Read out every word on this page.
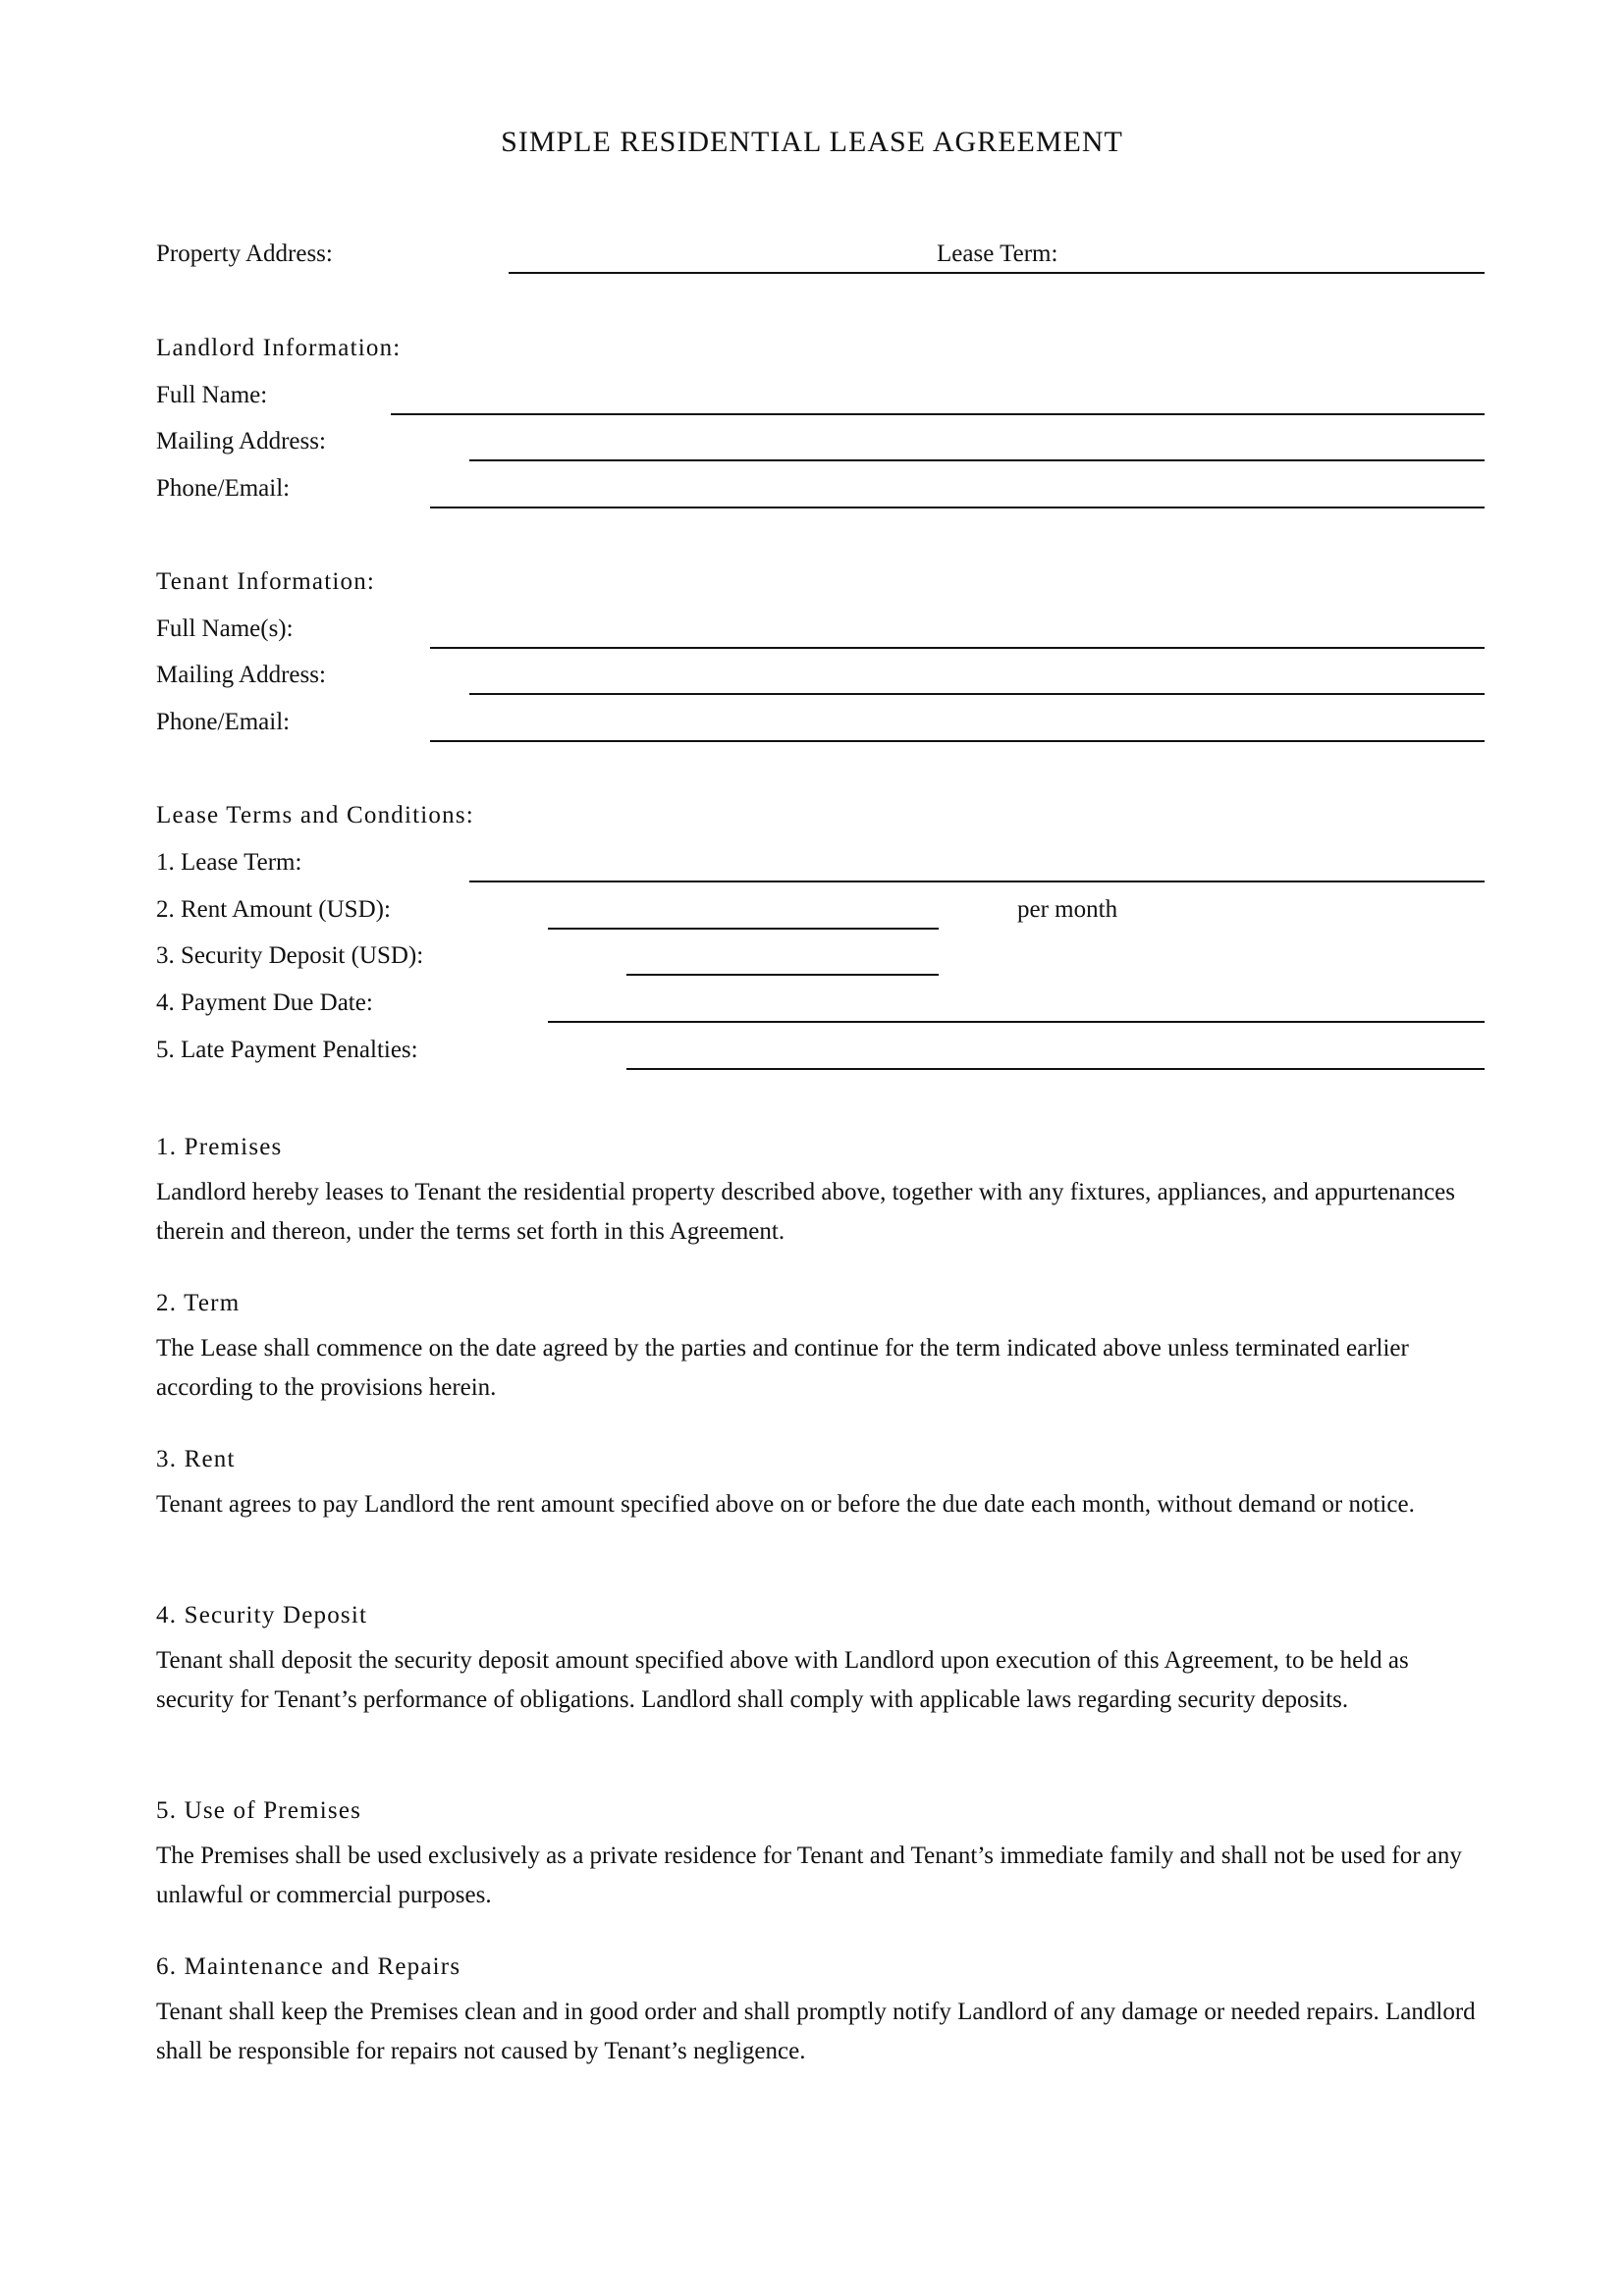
SIMPLE RESIDENTIAL LEASE AGREEMENT
Property Address:	Lease Term:
Landlord Information:
Full Name:
Mailing Address:
Phone/Email:
Tenant Information:
Full Name(s):
Mailing Address:
Phone/Email:
Lease Terms and Conditions:
1. Lease Term:
2. Rent Amount (USD):	per month
3. Security Deposit (USD):
4. Payment Due Date:
5. Late Payment Penalties:
1. Premises

Landlord hereby leases to Tenant the residential property described above, together with any fixtures, appliances, and appurtenances therein and thereon, under the terms set forth in this Agreement.

2. Term

The Lease shall commence on the date agreed by the parties and continue for the term indicated above unless terminated earlier according to the provisions herein.

3. Rent

Tenant agrees to pay Landlord the rent amount specified above on or before the due date each month, without demand or notice.

4. Security Deposit

Tenant shall deposit the security deposit amount specified above with Landlord upon execution of this Agreement, to be held as security for Tenant’s performance of obligations. Landlord shall comply with applicable laws regarding security deposits.

5. Use of Premises

The Premises shall be used exclusively as a private residence for Tenant and Tenant’s immediate family and shall not be used for any unlawful or commercial purposes.

6. Maintenance and Repairs

Tenant shall keep the Premises clean and in good order and shall promptly notify Landlord of any damage or needed repairs. Landlord shall be responsible for repairs not caused by Tenant’s negligence.
